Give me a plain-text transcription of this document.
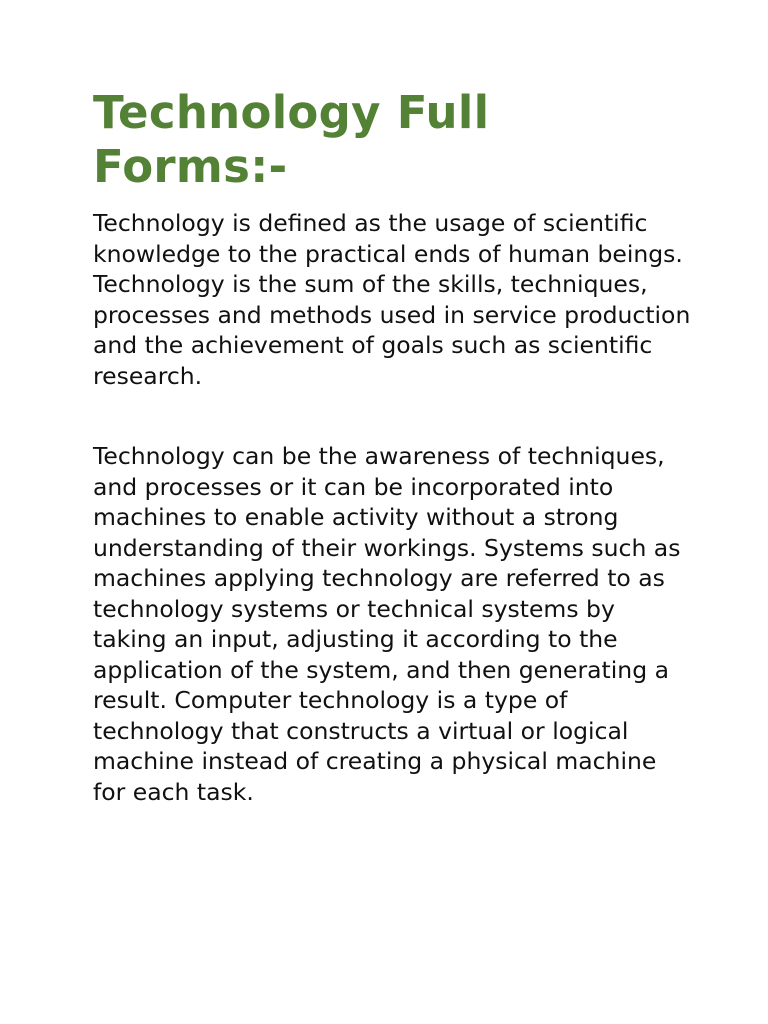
Technology Full Forms:-

Technology is defined as the usage of scientific knowledge to the practical ends of human beings. Technology is the sum of the skills, techniques, processes and methods used in service production and the achievement of goals such as scientific research.

Technology can be the awareness of techniques, and processes or it can be incorporated into machines to enable activity without a strong understanding of their workings. Systems such as machines applying technology are referred to as technology systems or technical systems by taking an input, adjusting it according to the application of the system, and then generating a result. Computer technology is a type of technology that constructs a virtual or logical machine instead of creating a physical machine for each task.
